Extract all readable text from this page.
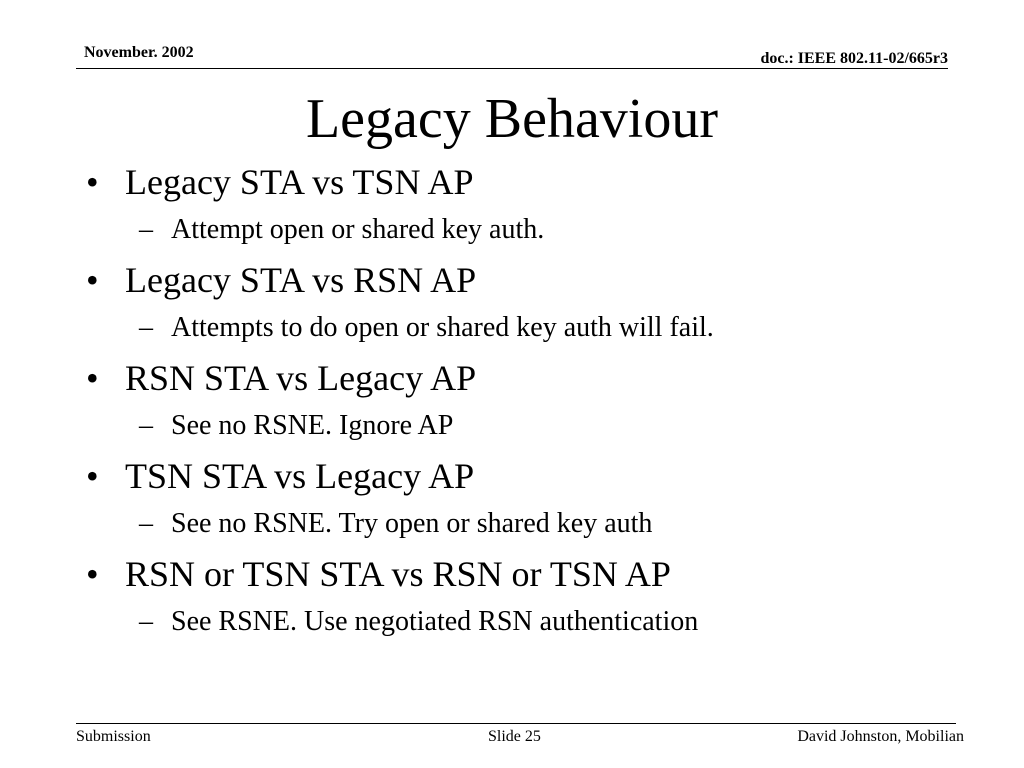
November. 2002	doc.: IEEE 802.11-02/665r3
Legacy Behaviour
• Legacy STA vs TSN AP
– Attempt open or shared key auth.
• Legacy STA vs RSN AP
– Attempts to do open or shared key auth will fail.
• RSN STA vs Legacy AP
– See no RSNE. Ignore AP
• TSN STA vs Legacy AP
– See no RSNE. Try open or shared key auth
• RSN or TSN STA vs RSN or TSN AP
– See RSNE. Use negotiated RSN authentication
Submission	Slide 25	David Johnston, Mobilian
